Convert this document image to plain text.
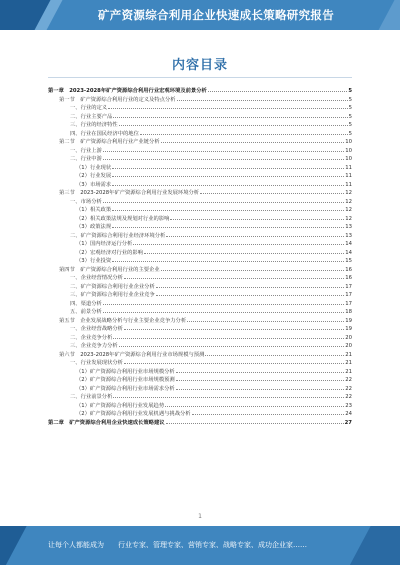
矿产资源综合利用企业快速成长策略研究报告
内容目录
第一章　2023-2028年矿产资源综合利用行业宏观环境及前景分析	5
第一节　矿产资源综合利用行业的定义及特点分析	5
一、行业的定义	5
二、行业主要产品	5
三、行业的经济特性	5
四、行业在国民经济中的地位	5
第二节　矿产资源综合利用行业产业链分析	10
一、行业上游	10
二、行业中游	10
（1）行业现状	11
（2）行业发展	11
（3）市场需求	11
第三节　2023-2028年矿产资源综合利用行业发展环境分析	12
一、市场分析	12
（1）相关政策	12
（2）相关政策法规及规划对行业的影响	12
（3）政策法规	13
二、矿产资源综合利用行业经济环境分析	13
（1）国内经济运行分析	14
（2）宏观经济对行业的影响	14
（3）行业投资	15
第四节　矿产资源综合利用行业的主要企业	16
一、企业经营情况分析	16
二、矿产资源综合利用行业企业分析	17
三、矿产资源综合利用行业企业竞争	17
四、渠道分析	17
五、前景分析	18
第五节　企业发展战略分析与行业主要企业竞争力分析	19
一、企业经营战略分析	19
二、企业竞争分析	20
三、企业竞争力分析	20
第六节　2023-2028年矿产资源综合利用行业市场规模与预测	21
一、行业发展现状分析	21
（1）矿产资源综合利用行业市场规模分析	21
（2）矿产资源综合利用行业市场规模预测	22
（3）矿产资源综合利用行业市场需求分析	22
二、行业前景分析	22
（1）矿产资源综合利用行业发展趋势	23
（2）矿产资源综合利用行业发展机遇与挑战分析	24
第二章　矿产资源综合利用企业快速成长策略建议	27
1
让每个人都能成为 行业专家、管理专家、营销专家、战略专家、成功企业家……
